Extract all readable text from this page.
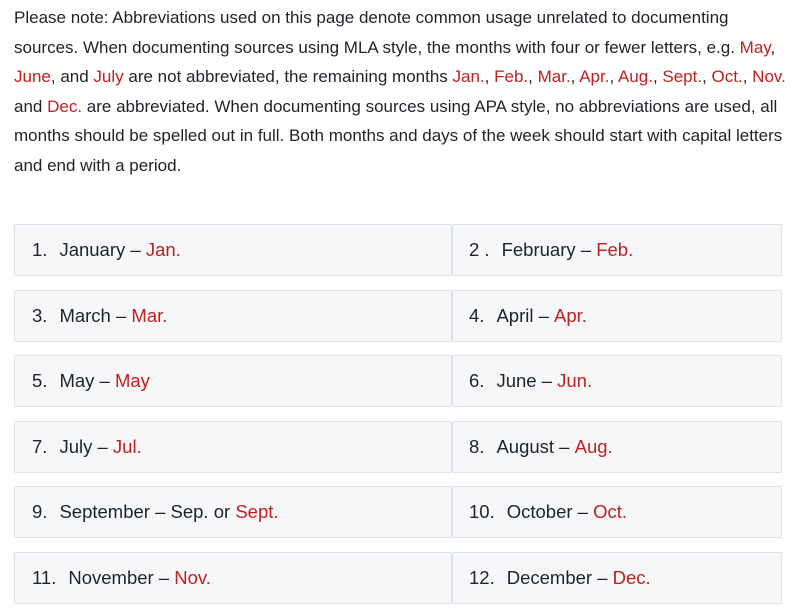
Please note: Abbreviations used on this page denote common usage unrelated to documenting sources. When documenting sources using MLA style, the months with four or fewer letters, e.g. May, June, and July are not abbreviated, the remaining months Jan., Feb., Mar., Apr., Aug., Sept., Oct., Nov. and Dec. are abbreviated. When documenting sources using APA style, no abbreviations are used, all months should be spelled out in full. Both months and days of the week should start with capital letters and end with a period.

1. January – Jan.	2 . February – Feb.
3. March – Mar.	4. April – Apr.
5. May – May	6. June – Jun.
7. July – Jul.	8. August – Aug.
9. September – Sep. or Sept.	10. October – Oct.
11. November – Nov.	12. December – Dec.
